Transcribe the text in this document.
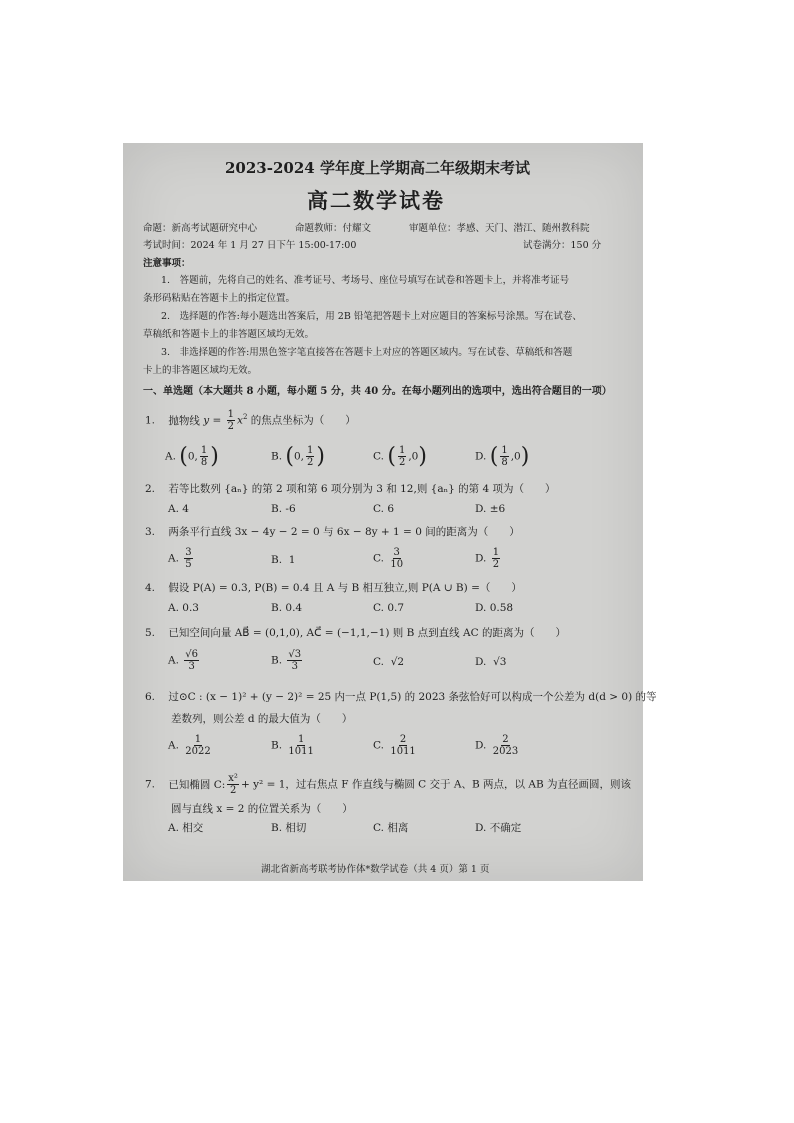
2023-2024 学年度上学期高二年级期末考试
高二数学试卷
命题：新高考试题研究中心	命题教师：付耀文	审题单位：孝感、天门、潜江、随州教科院
考试时间：2024 年 1 月 27 日下午 15:00-17:00	试卷满分：150 分
注意事项：
1.　答题前，先将自己的姓名、准考证号、考场号、座位号填写在试卷和答题卡上，并将准考证号
条形码粘贴在答题卡上的指定位置。
2.　选择题的作答:每小题选出答案后，用 2B 铅笔把答题卡上对应题目的答案标号涂黑。写在试卷、
草稿纸和答题卡上的非答题区域均无效。
3.　非选择题的作答:用黑色签字笔直接答在答题卡上对应的答题区域内。写在试卷、草稿纸和答题
卡上的非答题区域均无效。
一、单选题（本大题共 8 小题，每小题 5 分，共 40 分。在每小题列出的选项中，选出符合题目的一项）
1. 抛物线 $y = \frac{1}{2} x^2$ 的焦点坐标为（　　）
A. (0, $\frac{1}{8}$ )	B. (0, $\frac{1}{2}$ )	C. ( $\frac{1}{2} ,0$)	D. ( $\frac{1}{8} ,0$)
2. 若等比数列 {aₙ} 的第 2 项和第 6 项分别为 3 和 12,则 {aₙ} 的第 4 项为（　　）
A. 4	B. -6	C. 6	D. ±6
3. 两条平行直线 3x − 4y − 2 = 0 与 6x − 8y + 1 = 0 间的距离为（　　）
A. $\frac{3}{5}$	B. 1	C. $\frac{3}{10}$	D. $\frac{1}{2}$
4. 假设 P(A) = 0.3, P(B) = 0.4 且 A 与 B 相互独立,则 P(A ∪ B) =（　　）
A. 0.3	B. 0.4	C. 0.7	D. 0.58
5. 已知空间向量 AB⃗ = (0,1,0), AC⃗ = (−1,1,−1) 则 B 点到直线 AC 的距离为（　　）
A. $\frac{√6}{3}$	B. $\frac{√3}{3}$	C. √2	D. √3
6. 过⊙C : (x − 1)² + (y − 2)² = 25 内一点 P(1,5) 的 2023 条弦恰好可以构成一个公差为 d(d > 0) 的等
差数列，则公差 d 的最大值为（　　）
A. $\frac{1}{2022}$	B. $\frac{1}{1011}$	C. $\frac{2}{1011}$	D. $\frac{2}{2023}$
7. 已知椭圆 C: $\frac{\text{x²}}{2} + y^2 = 1$，过右焦点 F 作直线与椭圆 C 交于 A、B 两点，以 AB 为直径画圆，则该
圆与直线 x = 2 的位置关系为（　　）
A. 相交	B. 相切	C. 相离	D. 不确定
湖北省新高考联考协作体*数学试卷（共 4 页）第 1 页
